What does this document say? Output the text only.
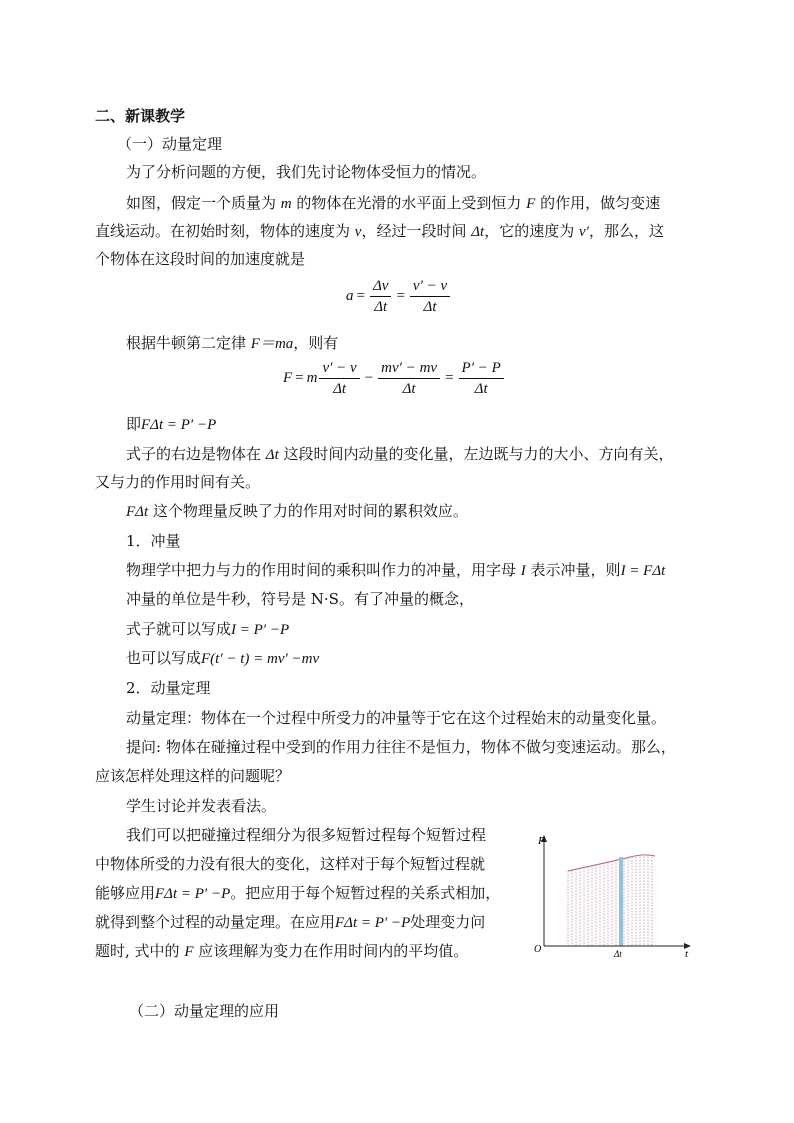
二、新课教学
（一）动量定理
为了分析问题的方便，我们先讨论物体受恒力的情况。
如图，假定一个质量为 m 的物体在光滑的水平面上受到恒力 F 的作用，做匀变速
直线运动。在初始时刻，物体的速度为 v，经过一段时间 Δt，它的速度为 v′，那么，这
个物体在这段时间的加速度就是
$a = \frac{\Delta v}{\Delta t} = \frac{v' - v}{\Delta t}$
根据牛顿第二定律 F＝ma，则有
F = m $\frac{v' - v}{\Delta t} - \frac{mv' - mv}{\Delta t} = \frac{P' - P}{\Delta t}$
即FΔt = P′ −P
式子的右边是物体在 Δt 这段时间内动量的变化量，左边既与力的大小、方向有关，
又与力的作用时间有关。
FΔt 这个物理量反映了力的作用对时间的累积效应。
1．冲量
物理学中把力与力的作用时间的乘积叫作力的冲量，用字母 I 表示冲量，则I = FΔt
冲量的单位是牛秒，符号是 N·S。有了冲量的概念，
式子就可以写成I = P′ −P
也可以写成F(t′ − t) = mv′ −mv
2．动量定理
动量定理：物体在一个过程中所受力的冲量等于它在这个过程始末的动量变化量。
提问: 物体在碰撞过程中受到的作用力往往不是恒力，物体不做匀变速运动。那么，
应该怎样处理这样的问题呢？
学生讨论并发表看法。
我们可以把碰撞过程细分为很多短暂过程每个短暂过程
中物体所受的力没有很大的变化，这样对于每个短暂过程就
能够应用FΔt = P′ −P。把应用于每个短暂过程的关系式相加，
就得到整个过程的动量定理。在应用FΔt = P′ −P处理变力问
题时, 式中的 F 应该理解为变力在作用时间内的平均值。
F
t
O	Δt
（二）动量定理的应用
